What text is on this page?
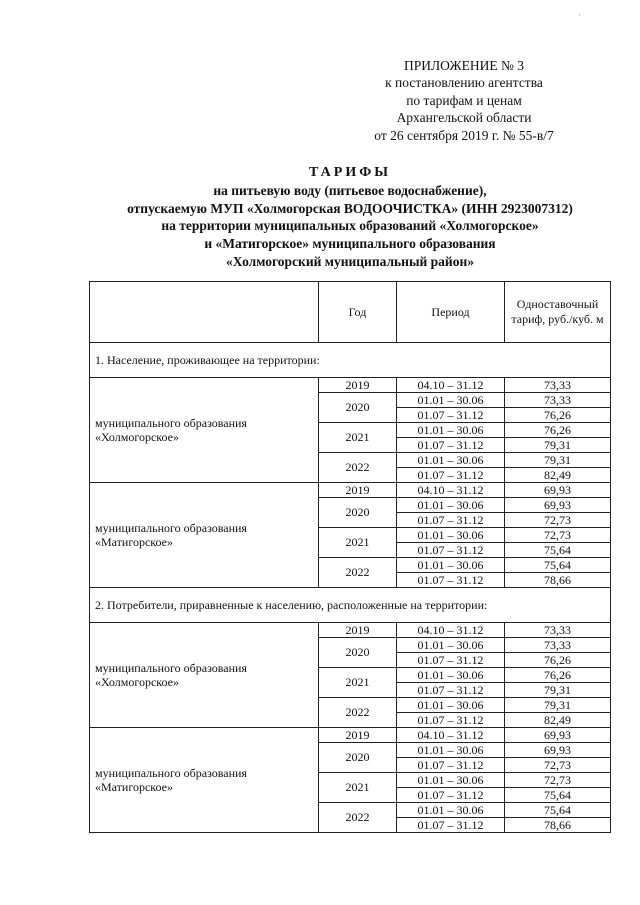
ПРИЛОЖЕНИЕ № 3
к постановлению агентства
по тарифам и ценам
Архангельской области
от 26 сентября 2019 г. № 55-в/7
ТАРИФЫ
на питьевую воду (питьевое водоснабжение),
отпускаемую МУП «Холмогорская ВОДООЧИСТКА» (ИНН 2923007312)
на территории муниципальных образований «Холмогорское»
и «Матигорское» муниципального образования
«Холмогорский муниципальный район»
	Год	Период	Одноставочный тариф, руб./куб. м
1. Население, проживающее на территории:			
муниципального образования «Холмогорское»	2019	04.10 – 31.12	73,33
	2020	01.01 – 30.06	73,33
		01.07 – 31.12	76,26
	2021	01.01 – 30.06	76,26
		01.07 – 31.12	79,31
	2022	01.01 – 30.06	79,31
		01.07 – 31.12	82,49
муниципального образования «Матигорское»	2019	04.10 – 31.12	69,93
	2020	01.01 – 30.06	69,93
		01.07 – 31.12	72,73
	2021	01.01 – 30.06	72,73
		01.07 – 31.12	75,64
	2022	01.01 – 30.06	75,64
		01.07 – 31.12	78,66
2. Потребители, приравненные к населению, расположенные на территории:			
муниципального образования «Холмогорское»	2019	04.10 – 31.12	73,33
	2020	01.01 – 30.06	73,33
		01.07 – 31.12	76,26
	2021	01.01 – 30.06	76,26
		01.07 – 31.12	79,31
	2022	01.01 – 30.06	79,31
		01.07 – 31.12	82,49
муниципального образования «Матигорское»	2019	04.10 – 31.12	69,93
	2020	01.01 – 30.06	69,93
		01.07 – 31.12	72,73
	2021	01.01 – 30.06	72,73
		01.07 – 31.12	75,64
	2022	01.01 – 30.06	75,64
		01.07 – 31.12	78,66
˒
